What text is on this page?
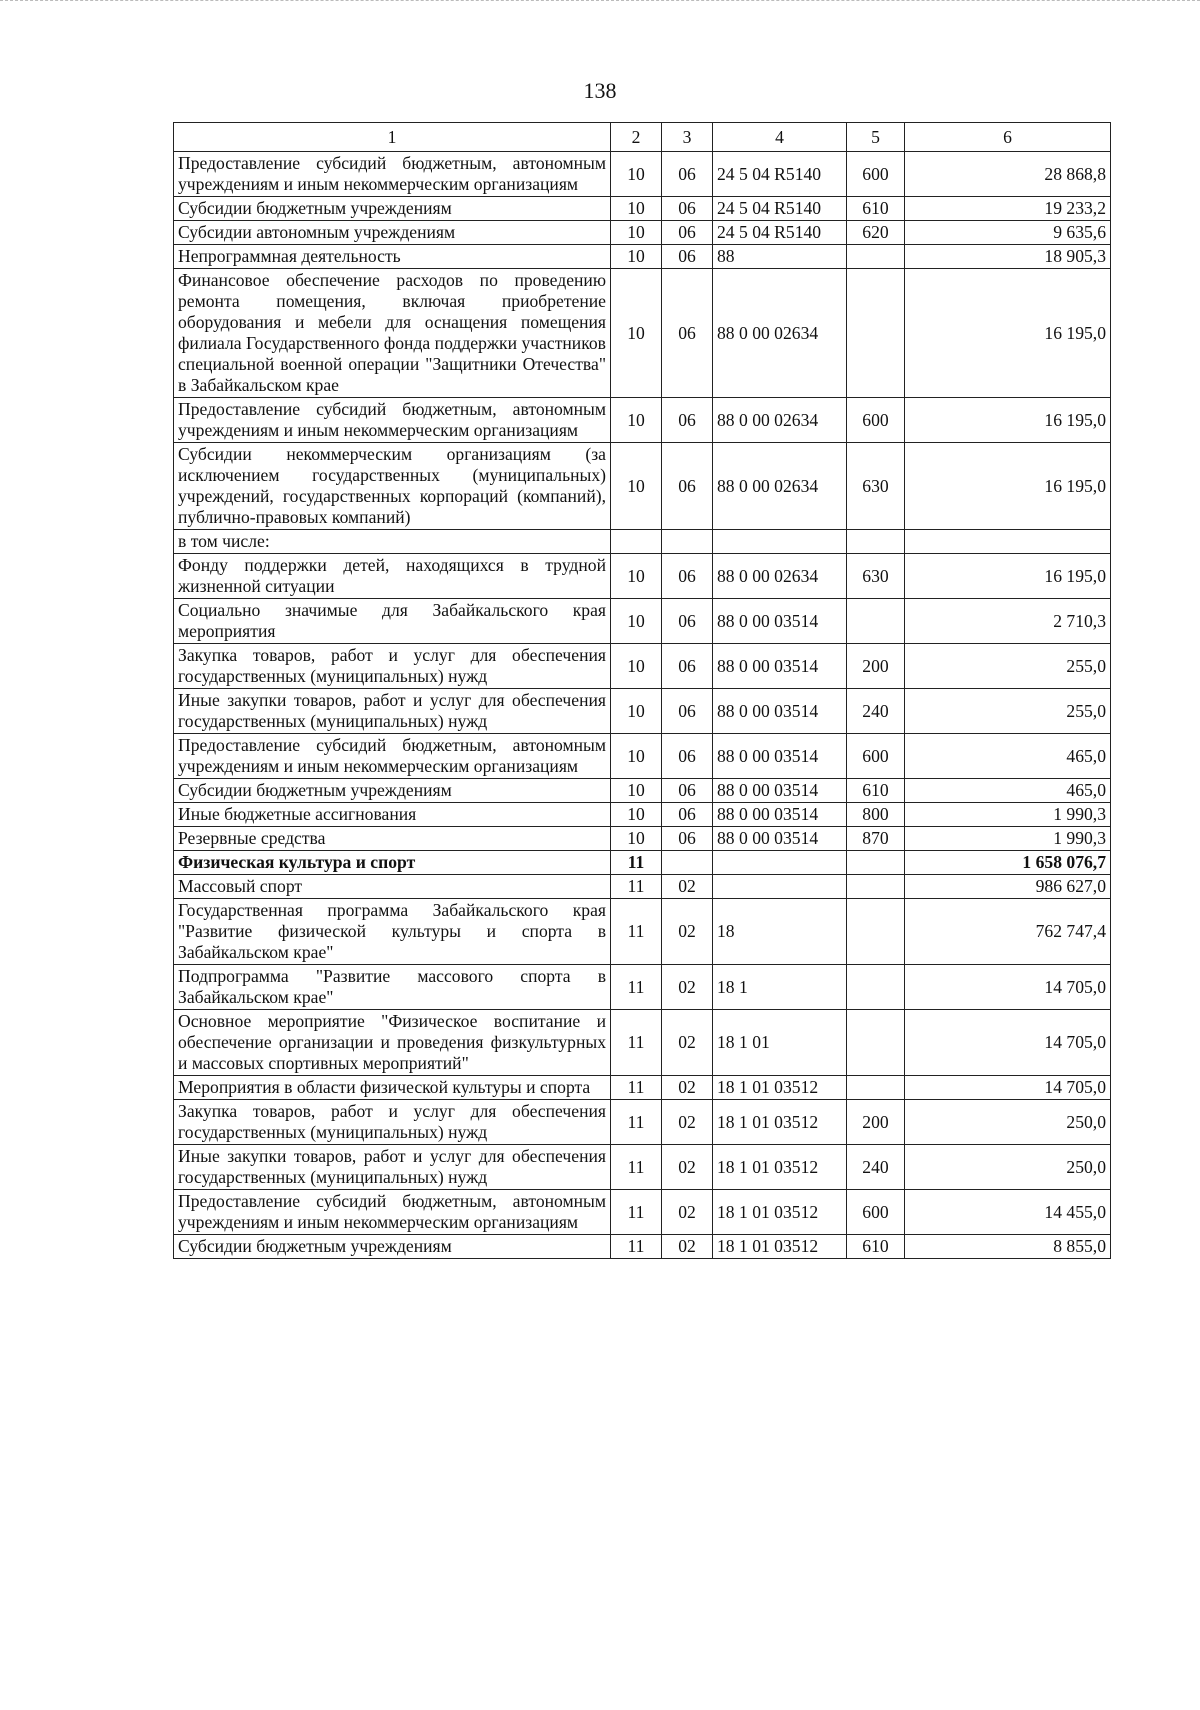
138
1	2	3	4	5	6
Предоставление субсидий бюджетным, автономным учреждениям и иным некоммерческим организациям	10	06	24 5 04 R5140	600	28 868,8
Субсидии бюджетным учреждениям	10	06	24 5 04 R5140	610	19 233,2
Субсидии автономным учреждениям	10	06	24 5 04 R5140	620	9 635,6
Непрограммная деятельность	10	06	88		18 905,3
Финансовое обеспечение расходов по проведению ремонта помещения, включая приобретение оборудования и мебели для оснащения помещения филиала Государственного фонда поддержки участников специальной военной операции "Защитники Отечества" в Забайкальском крае	10	06	88 0 00 02634		16 195,0
Предоставление субсидий бюджетным, автономным учреждениям и иным некоммерческим организациям	10	06	88 0 00 02634	600	16 195,0
Субсидии некоммерческим организациям (за исключением государственных (муниципальных) учреждений, государственных корпораций (компаний), публично-правовых компаний)	10	06	88 0 00 02634	630	16 195,0
в том числе:					
Фонду поддержки детей, находящихся в трудной жизненной ситуации	10	06	88 0 00 02634	630	16 195,0
Социально значимые для Забайкальского края мероприятия	10	06	88 0 00 03514		2 710,3
Закупка товаров, работ и услуг для обеспечения государственных (муниципальных) нужд	10	06	88 0 00 03514	200	255,0
Иные закупки товаров, работ и услуг для обеспечения государственных (муниципальных) нужд	10	06	88 0 00 03514	240	255,0
Предоставление субсидий бюджетным, автономным учреждениям и иным некоммерческим организациям	10	06	88 0 00 03514	600	465,0
Субсидии бюджетным учреждениям	10	06	88 0 00 03514	610	465,0
Иные бюджетные ассигнования	10	06	88 0 00 03514	800	1 990,3
Резервные средства	10	06	88 0 00 03514	870	1 990,3
Физическая культура и спорт	11				1 658 076,7
Массовый спорт	11	02			986 627,0
Государственная программа Забайкальского края "Развитие физической культуры и спорта в Забайкальском крае"	11	02	18		762 747,4
Подпрограмма "Развитие массового спорта в Забайкальском крае"	11	02	18 1		14 705,0
Основное мероприятие "Физическое воспитание и обеспечение организации и проведения физкультурных и массовых спортивных мероприятий"	11	02	18 1 01		14 705,0
Мероприятия в области физической культуры и спорта	11	02	18 1 01 03512		14 705,0
Закупка товаров, работ и услуг для обеспечения государственных (муниципальных) нужд	11	02	18 1 01 03512	200	250,0
Иные закупки товаров, работ и услуг для обеспечения государственных (муниципальных) нужд	11	02	18 1 01 03512	240	250,0
Предоставление субсидий бюджетным, автономным учреждениям и иным некоммерческим организациям	11	02	18 1 01 03512	600	14 455,0
Субсидии бюджетным учреждениям	11	02	18 1 01 03512	610	8 855,0
